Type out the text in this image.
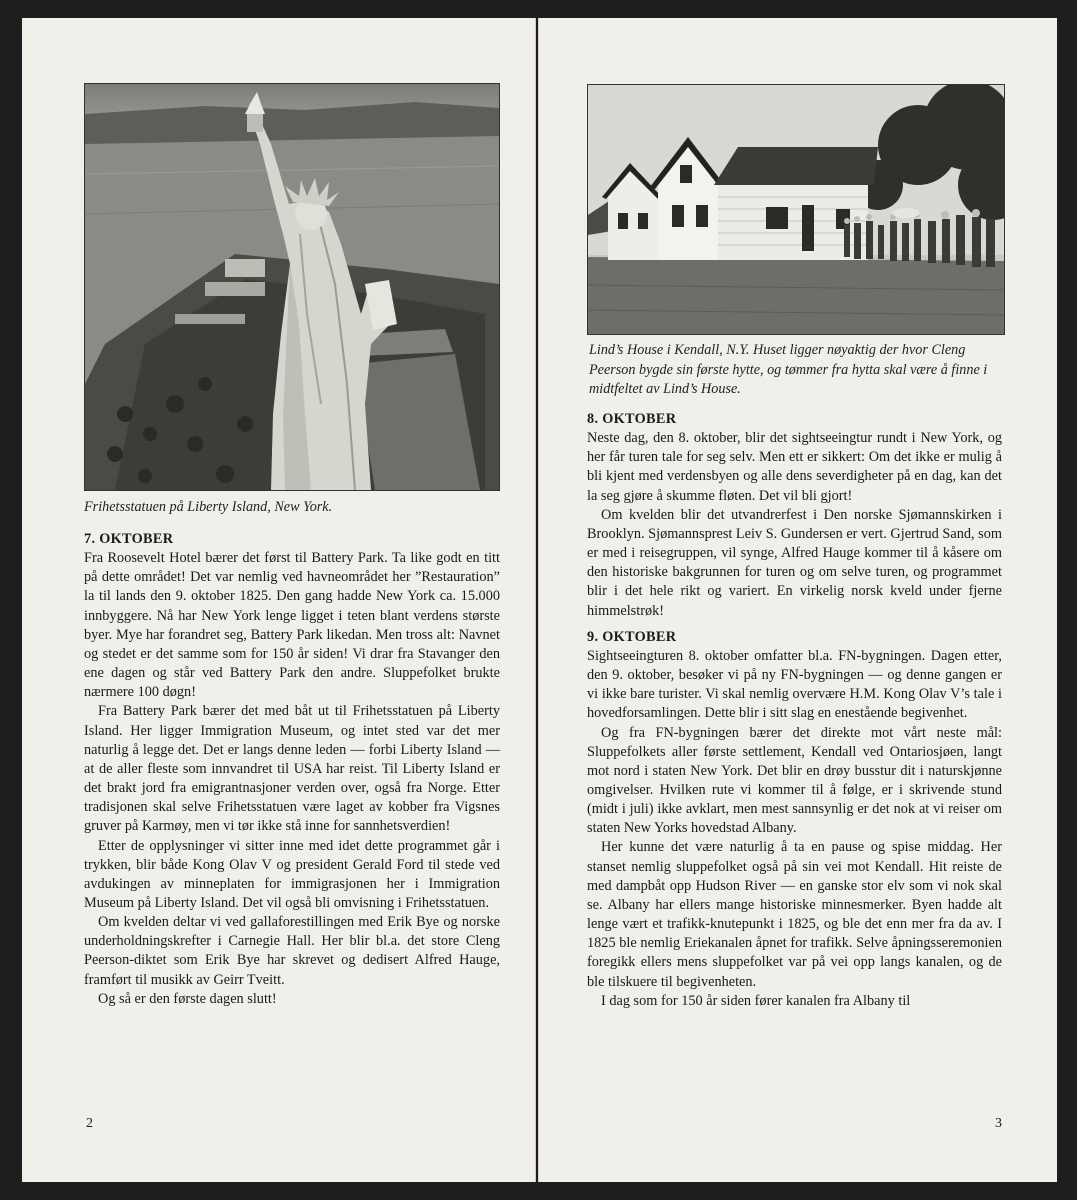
Frihetsstatuen på Liberty Island, New York.
7. OKTOBER

Fra Roosevelt Hotel bærer det først til Battery Park. Ta like godt en titt på dette området! Det var nemlig ved havneområdet her ”Restauration” la til lands den 9. oktober 1825. Den gang hadde New York ca. 15.000 innbyggere. Nå har New York lenge ligget i teten blant verdens største byer. Mye har forandret seg, Battery Park likedan. Men tross alt: Navnet og stedet er det samme som for 150 år siden! Vi drar fra Stavanger den ene dagen og står ved Battery Park den andre. Sluppefolket brukte nærmere 100 døgn!

Fra Battery Park bærer det med båt ut til Frihetsstatuen på Liberty Island. Her ligger Immigration Museum, og intet sted var det mer naturlig å legge det. Det er langs denne leden — forbi Liberty Island — at de aller fleste som innvandret til USA har reist. Til Liberty Island er det brakt jord fra emigrantnasjoner verden over, også fra Norge. Etter tradisjonen skal selve Frihetsstatuen være laget av kobber fra Vigsnes gruver på Karmøy, men vi tør ikke stå inne for sannhetsverdien!

Etter de opplysninger vi sitter inne med idet dette programmet går i trykken, blir både Kong Olav V og president Gerald Ford til stede ved avdukingen av minneplaten for immigrasjonen her i Immigration Museum på Liberty Island. Det vil også bli omvisning i Frihetsstatuen.

Om kvelden deltar vi ved gallaforestillingen med Erik Bye og norske underholdningskrefter i Carnegie Hall. Her blir bl.a. det store Cleng Peerson-diktet som Erik Bye har skrevet og dedisert Alfred Hauge, framført til musikk av Geirr Tveitt.

Og så er den første dagen slutt!

2
Lind’s House i Kendall, N.Y. Huset ligger nøyaktig der hvor Cleng Peerson bygde sin første hytte, og tømmer fra hytta skal være å finne i midtfeltet av Lind’s House.
8. OKTOBER

Neste dag, den 8. oktober, blir det sightseeingtur rundt i New York, og her får turen tale for seg selv. Men ett er sikkert: Om det ikke er mulig å bli kjent med verdensbyen og alle dens severdigheter på en dag, kan det la seg gjøre å skumme fløten. Det vil bli gjort!

Om kvelden blir det utvandrerfest i Den norske Sjømannskirken i Brooklyn. Sjømannsprest Leiv S. Gundersen er vert. Gjertrud Sand, som er med i reisegruppen, vil synge, Alfred Hauge kommer til å kåsere om den historiske bakgrunnen for turen og om selve turen, og programmet blir i det hele rikt og variert. En virkelig norsk kveld under fjerne himmelstrøk!

9. OKTOBER

Sightseeingturen 8. oktober omfatter bl.a. FN-bygningen. Dagen etter, den 9. oktober, besøker vi på ny FN-bygningen — og denne gangen er vi ikke bare turister. Vi skal nemlig overvære H.M. Kong Olav V’s tale i hovedforsamlingen. Dette blir i sitt slag en enestående begivenhet.

Og fra FN-bygningen bærer det direkte mot vårt neste mål: Sluppefolkets aller første settlement, Kendall ved Ontariosjøen, langt mot nord i staten New York. Det blir en drøy busstur dit i naturskjønne omgivelser. Hvilken rute vi kommer til å følge, er i skrivende stund (midt i juli) ikke avklart, men mest sannsynlig er det nok at vi reiser om staten New Yorks hovedstad Albany.

Her kunne det være naturlig å ta en pause og spise middag. Her stanset nemlig sluppefolket også på sin vei mot Kendall. Hit reiste de med dampbåt opp Hudson River — en ganske stor elv som vi nok skal se. Albany har ellers mange historiske minnesmerker. Byen hadde alt lenge vært et trafikk-knutepunkt i 1825, og ble det enn mer fra da av. I 1825 ble nemlig Eriekanalen åpnet for trafikk. Selve åpningsseremonien foregikk ellers mens sluppefolket var på vei opp langs kanalen, og de ble tilskuere til begivenheten.

I dag som for 150 år siden fører kanalen fra Albany til

3
